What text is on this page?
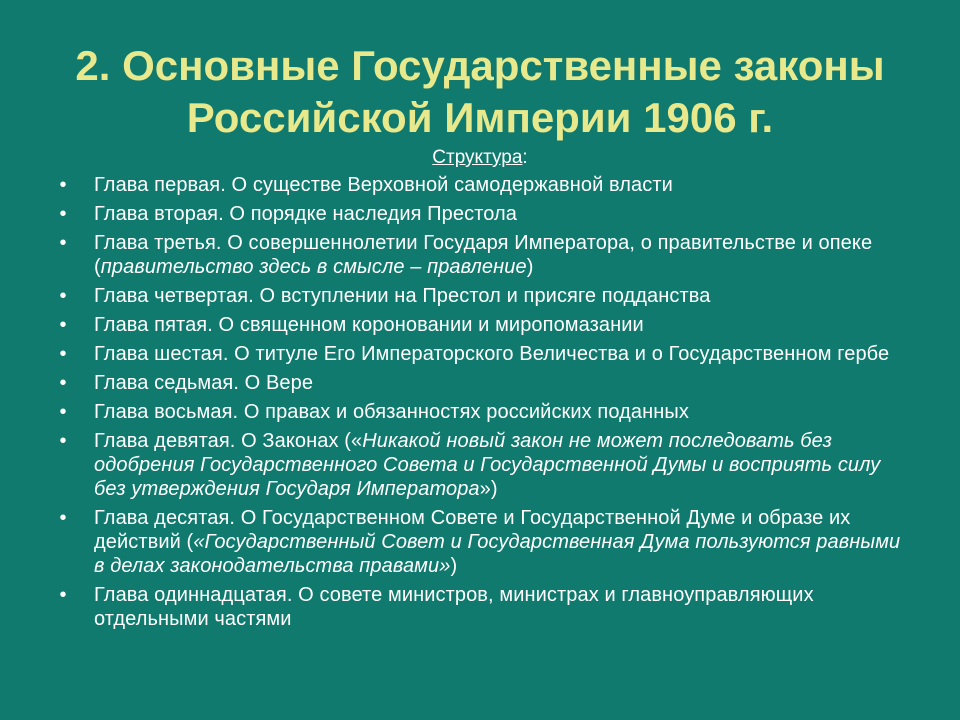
2. Основные Государственные законы
Российской Империи 1906 г.
Структура:
• Глава первая. О существе Верховной самодержавной власти
• Глава вторая. О порядке наследия Престола
• Глава третья. О совершеннолетии Государя Императора, о правительстве и опеке (правительство здесь в смысле – правление)
• Глава четвертая. О вступлении на Престол и присяге подданства
• Глава пятая. О священном короновании и миропомазании
• Глава шестая. О титуле Его Императорского Величества и о Государственном гербе
• Глава седьмая. О Вере
• Глава восьмая. О правах и обязанностях российских поданных
• Глава девятая. О Законах («Никакой новый закон не может последовать без одобрения Государственного Совета и Государственной Думы и восприять силу без утверждения Государя Императора»)
• Глава десятая. О Государственном Совете и Государственной Думе и образе их действий («Государственный Совет и Государственная Дума пользуются равными в делах законодательства правами»)
• Глава одиннадцатая. О совете министров, министрах и главноуправляющих отдельными частями
